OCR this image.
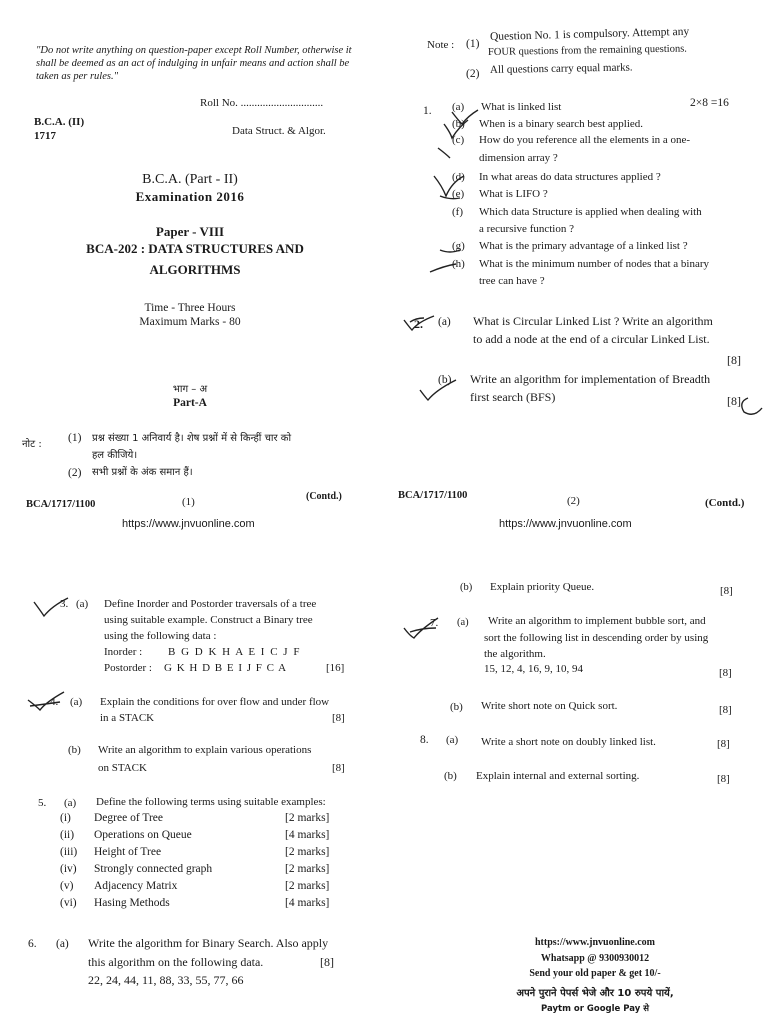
"Do not write anything on question-paper except Roll Number, otherwise it shall be deemed as an act of indulging in unfair means and action shall be taken as per rules."
Roll No. ..............................
B.C.A. (II)
1717	Data Struct. & Algor.
B.C.A. (Part - II)
Examination 2016
Paper - VIII
BCA-202 : DATA STRUCTURES AND
ALGORITHMS
Time - Three Hours
Maximum Marks - 80
भाग – अ
Part-A
नोट :
(1) प्रश्न संख्या 1 अनिवार्य है। शेष प्रश्नों में से किन्हीं चार को
हल कीजिये।
(2) सभी प्रश्नों के अंक समान हैं।
BCA/1717/1100	(1)	(Contd.)
https://www.jnvuonline.com
Note : (1)
Question No. 1 is compulsory. Attempt any
FOUR questions from the remaining questions.
(2) All questions carry equal marks.
1.
2×8 =16
(a) What is linked list
(b) When is a binary search best applied.
(c) How do you reference all the elements in a one-
dimension array ?
(d) In what areas do data structures applied ?
(e) What is LIFO ?
(f) Which data Structure is applied when dealing with
a recursive function ?
(g) What is the primary advantage of a linked list ?
(h) What is the minimum number of nodes that a binary
tree can have ?
2. (a) What is Circular Linked List ? Write an algorithm
to add a node at the end of a circular Linked List.
[8]
(b) Write an algorithm for implementation of Breadth
first search (BFS)	[8]
BCA/1717/1100	(2)	(Contd.)
https://www.jnvuonline.com
3. (a) Define Inorder and Postorder traversals of a tree
using suitable example. Construct a Binary tree
using the following data :
Inorder : B G D K H A E I C J F
Postorder : G K H D B E I J F C A	[16]
4. (a) Explain the conditions for over flow and under flow
in a STACK	[8]
(b) Write an algorithm to explain various operations
on STACK	[8]
5. (a) Define the following terms using suitable examples:
(i) Degree of Tree	[2 marks]
(ii) Operations on Queue	[4 marks]
(iii) Height of Tree	[2 marks]
(iv) Strongly connected graph	[2 marks]
(v) Adjacency Matrix	[2 marks]
(vi) Hasing Methods	[4 marks]
6. (a) Write the algorithm for Binary Search. Also apply
this algorithm on the following data.	[8]
22, 24, 44, 11, 88, 33, 55, 77, 66
(b) Explain priority Queue.	[8]
7. (a) Write an algorithm to implement bubble sort, and
sort the following list in descending order by using
the algorithm.
15, 12, 4, 16, 9, 10, 94	[8]
(b) Write short note on Quick sort.	[8]
8. (a) Write a short note on doubly linked list.	[8]
(b) Explain internal and external sorting.	[8]
https://www.jnvuonline.com
Whatsapp @ 9300930012
Send your old paper & get 10/-
अपने पुराने पेपर्स भेजे और 10 रुपये पायें,
Paytm or Google Pay से
